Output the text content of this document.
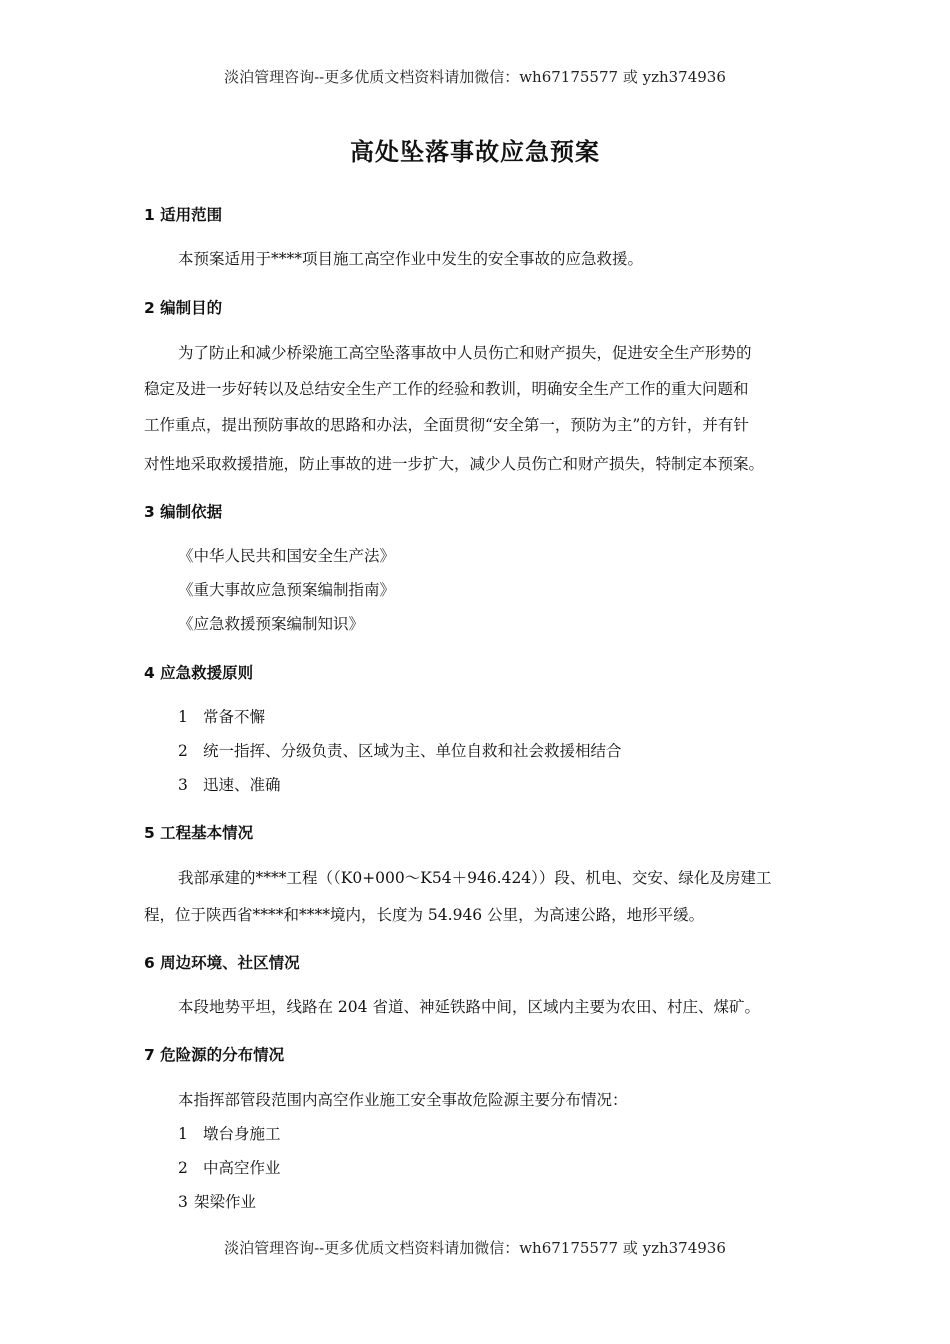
淡泊管理咨询--更多优质文档资料请加微信：wh67175577 或 yzh374936
高处坠落事故应急预案
1 适用范围
本预案适用于****项目施工高空作业中发生的安全事故的应急救援。
2 编制目的
为了防止和减少桥梁施工高空坠落事故中人员伤亡和财产损失，促进安全生产形势的
稳定及进一步好转以及总结安全生产工作的经验和教训，明确安全生产工作的重大问题和
工作重点，提出预防事故的思路和办法，全面贯彻“安全第一，预防为主”的方针，并有针
对性地采取救援措施，防止事故的进一步扩大，减少人员伤亡和财产损失，特制定本预案。
3 编制依据
《中华人民共和国安全生产法》
《重大事故应急预案编制指南》
《应急救援预案编制知识》
4 应急救援原则
1 常备不懈
2 统一指挥、分级负责、区域为主、单位自救和社会救援相结合
3 迅速、准确
5 工程基本情况
我部承建的****工程（（K0+000～K54＋946.424））段、机电、交安、绿化及房建工
程，位于陕西省****和****境内，长度为 54.946 公里，为高速公路，地形平缓。
6 周边环境、社区情况
本段地势平坦，线路在 204 省道、神延铁路中间，区域内主要为农田、村庄、煤矿。
7 危险源的分布情况
本指挥部管段范围内高空作业施工安全事故危险源主要分布情况：
1 墩台身施工
2 中高空作业
3 架梁作业
淡泊管理咨询--更多优质文档资料请加微信：wh67175577 或 yzh374936
